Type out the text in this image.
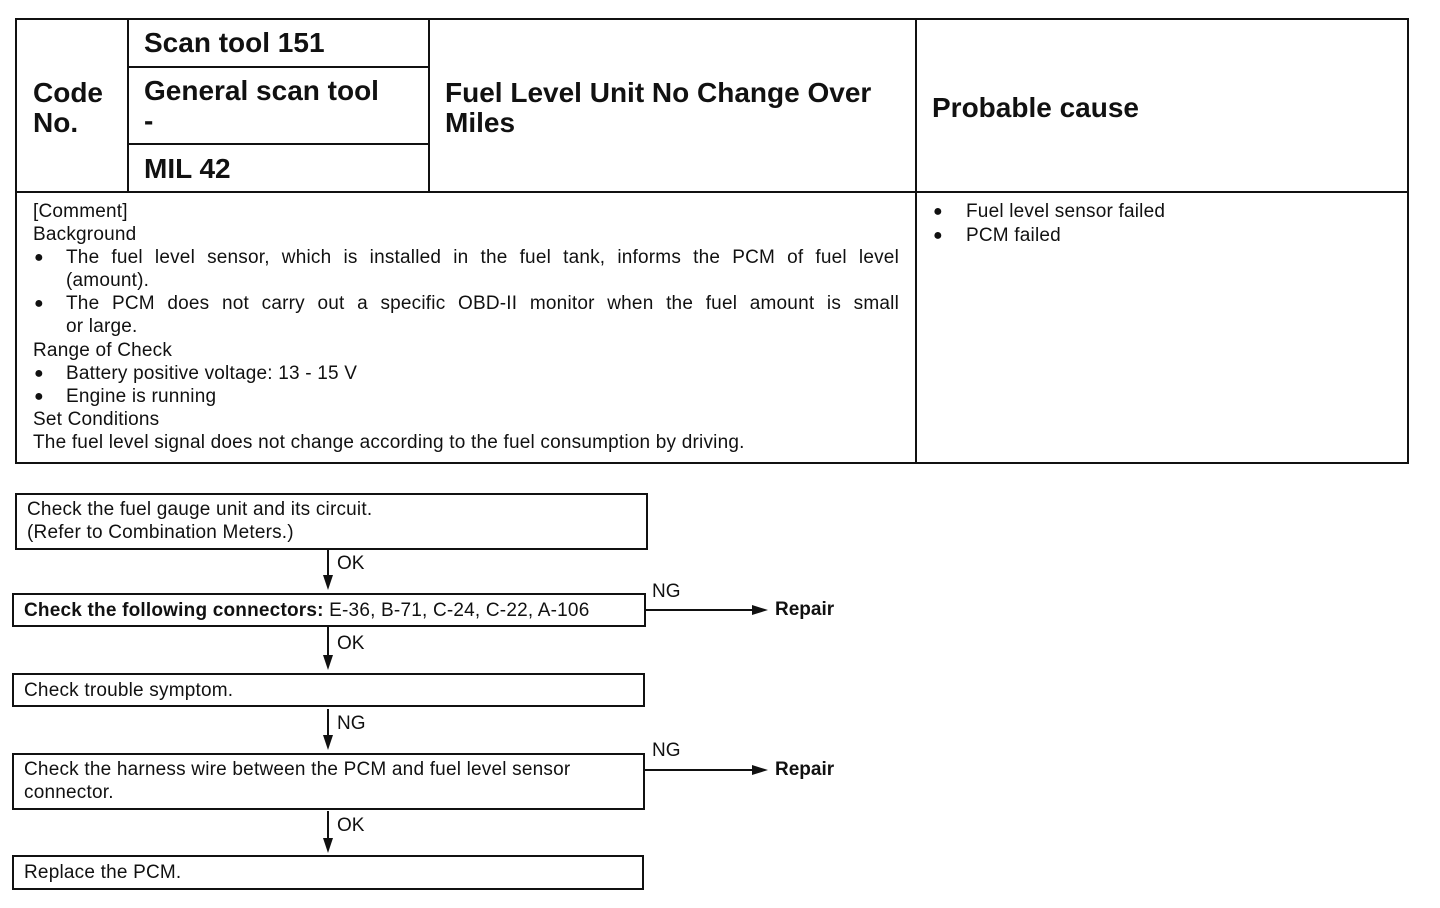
Code No.
Scan tool 151
General scan tool
-
MIL 42
Fuel Level Unit No Change Over Miles	Probable cause
[Comment]
Background
● The fuel level sensor, which is installed in the fuel tank, informs the PCM of fuel level
(amount).
● The PCM does not carry out a specific OBD-II monitor when the fuel amount is small
or large.
Range of Check
● Battery positive voltage: 13 - 15 V
● Engine is running
Set Conditions
The fuel level signal does not change according to the fuel consumption by driving.
● Fuel level sensor failed
● PCM failed
Check the fuel gauge unit and its circuit.
(Refer to Combination Meters.)
OK
Check the following connectors: E-36, B-71, C-24, C-22, A-106
NG
Repair
OK
Check trouble symptom.
NG
Check the harness wire between the PCM and fuel level sensor
connector.
NG
Repair
OK
Replace the PCM.
